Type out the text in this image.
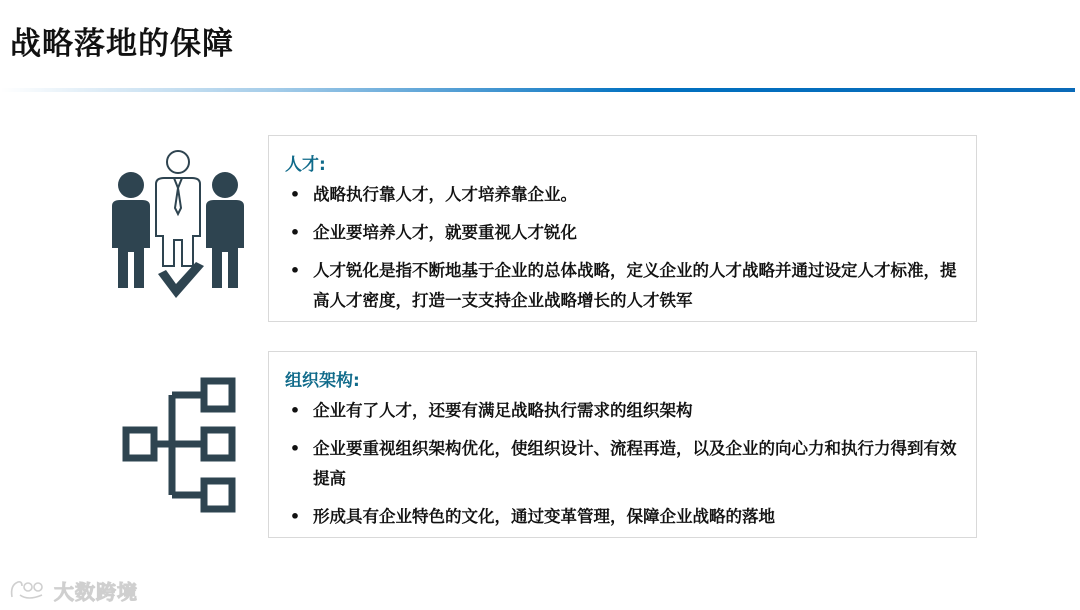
战略落地的保障
人才:
• 战略执行靠人才，人才培养靠企业。
• 企业要培养人才，就要重视人才锐化
• 人才锐化是指不断地基于企业的总体战略，定义企业的人才战略并通过设定人才标准，提高人才密度，打造一支支持企业战略增长的人才铁军
组织架构:
• 企业有了人才，还要有满足战略执行需求的组织架构
• 企业要重视组织架构优化，使组织设计、流程再造，以及企业的向心力和执行力得到有效提高
• 形成具有企业特色的文化，通过变革管理，保障企业战略的落地
大数跨境
